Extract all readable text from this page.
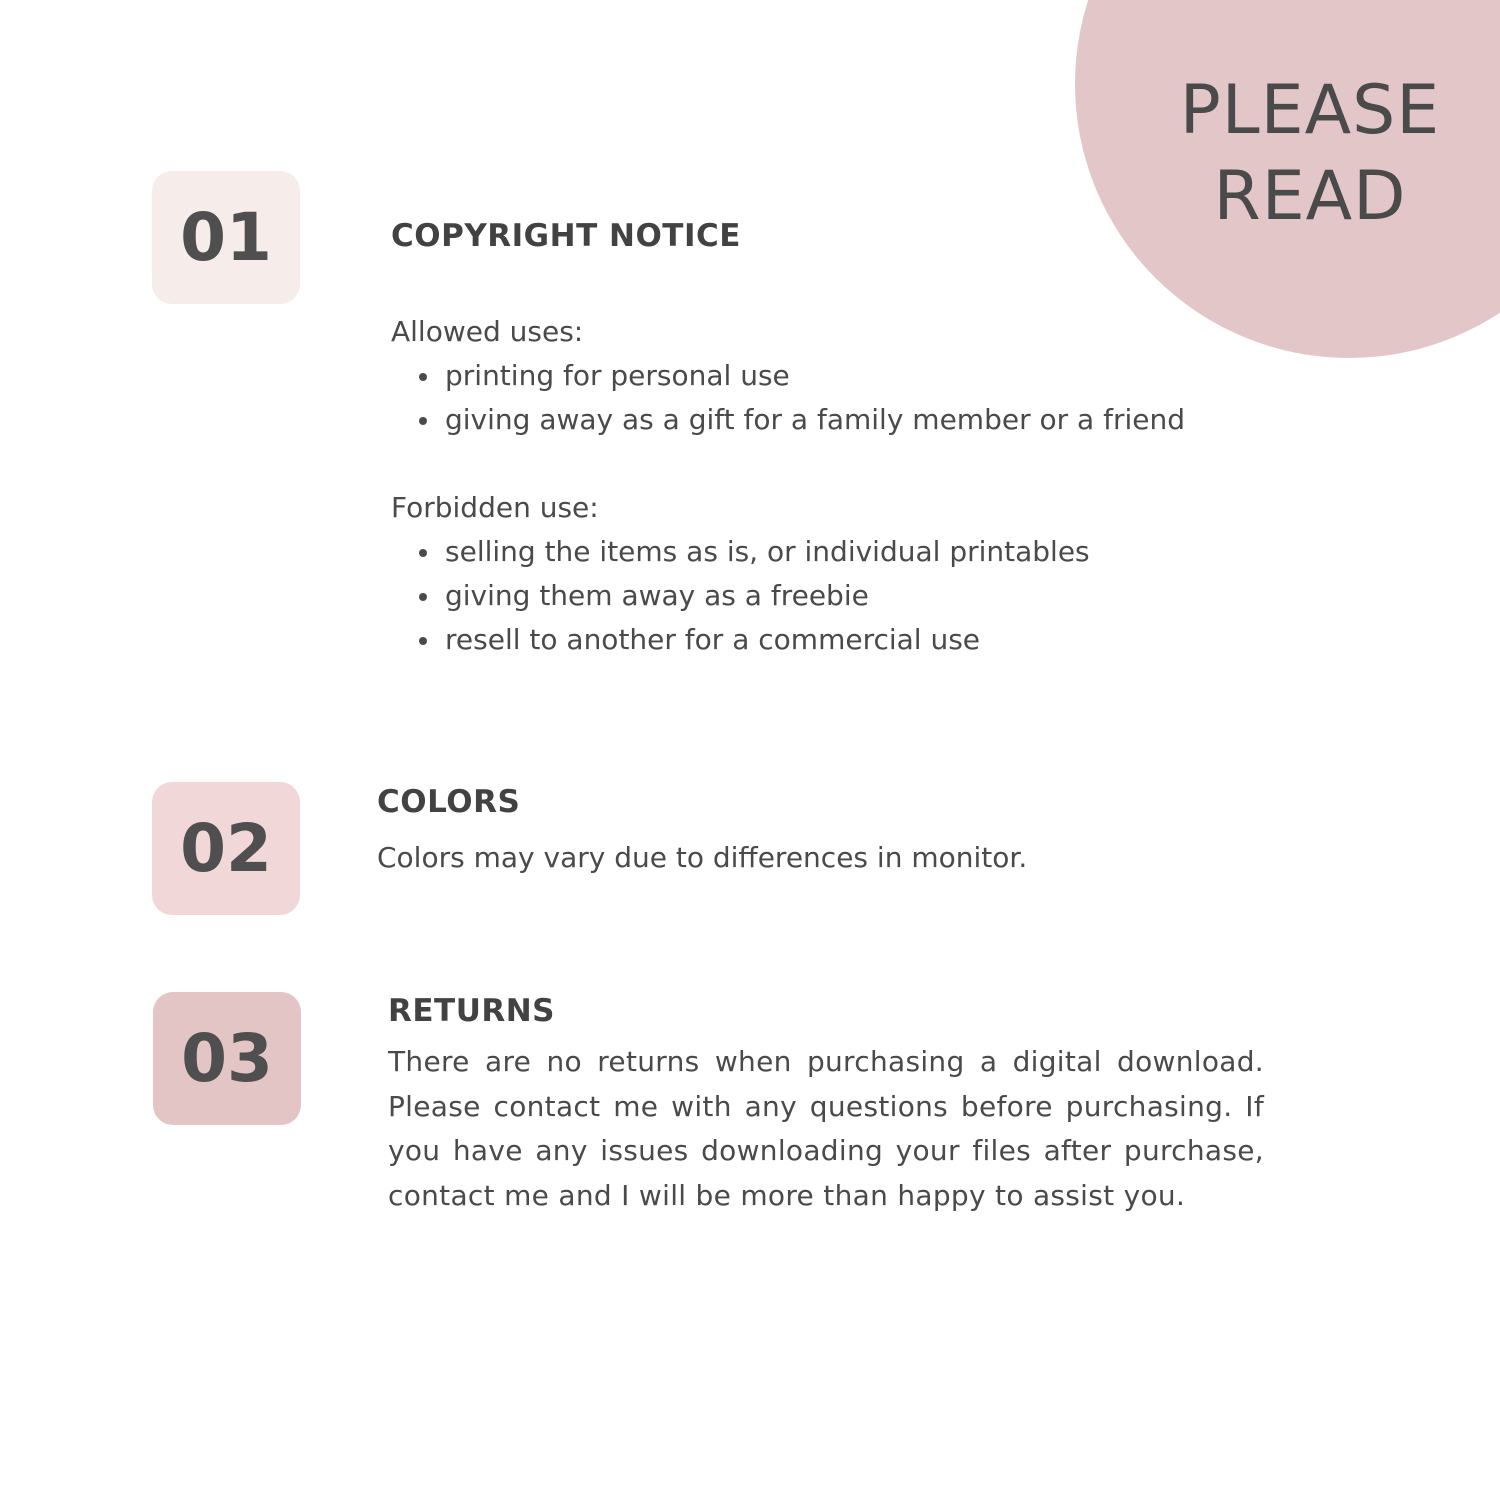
PLEASE
READ
01	COPYRIGHT NOTICE
Allowed uses:
printing for personal use
giving away as a gift for a family member or a friend
Forbidden use:
selling the items as is, or individual printables
giving them away as a freebie
resell to another for a commercial use
02
COLORS
Colors may vary due to differences in monitor.
03
RETURNS
There are no returns when purchasing a digital download. Please contact me with any questions before purchasing. If you have any issues downloading your files after purchase, contact me and I will be more than happy to assist you.
